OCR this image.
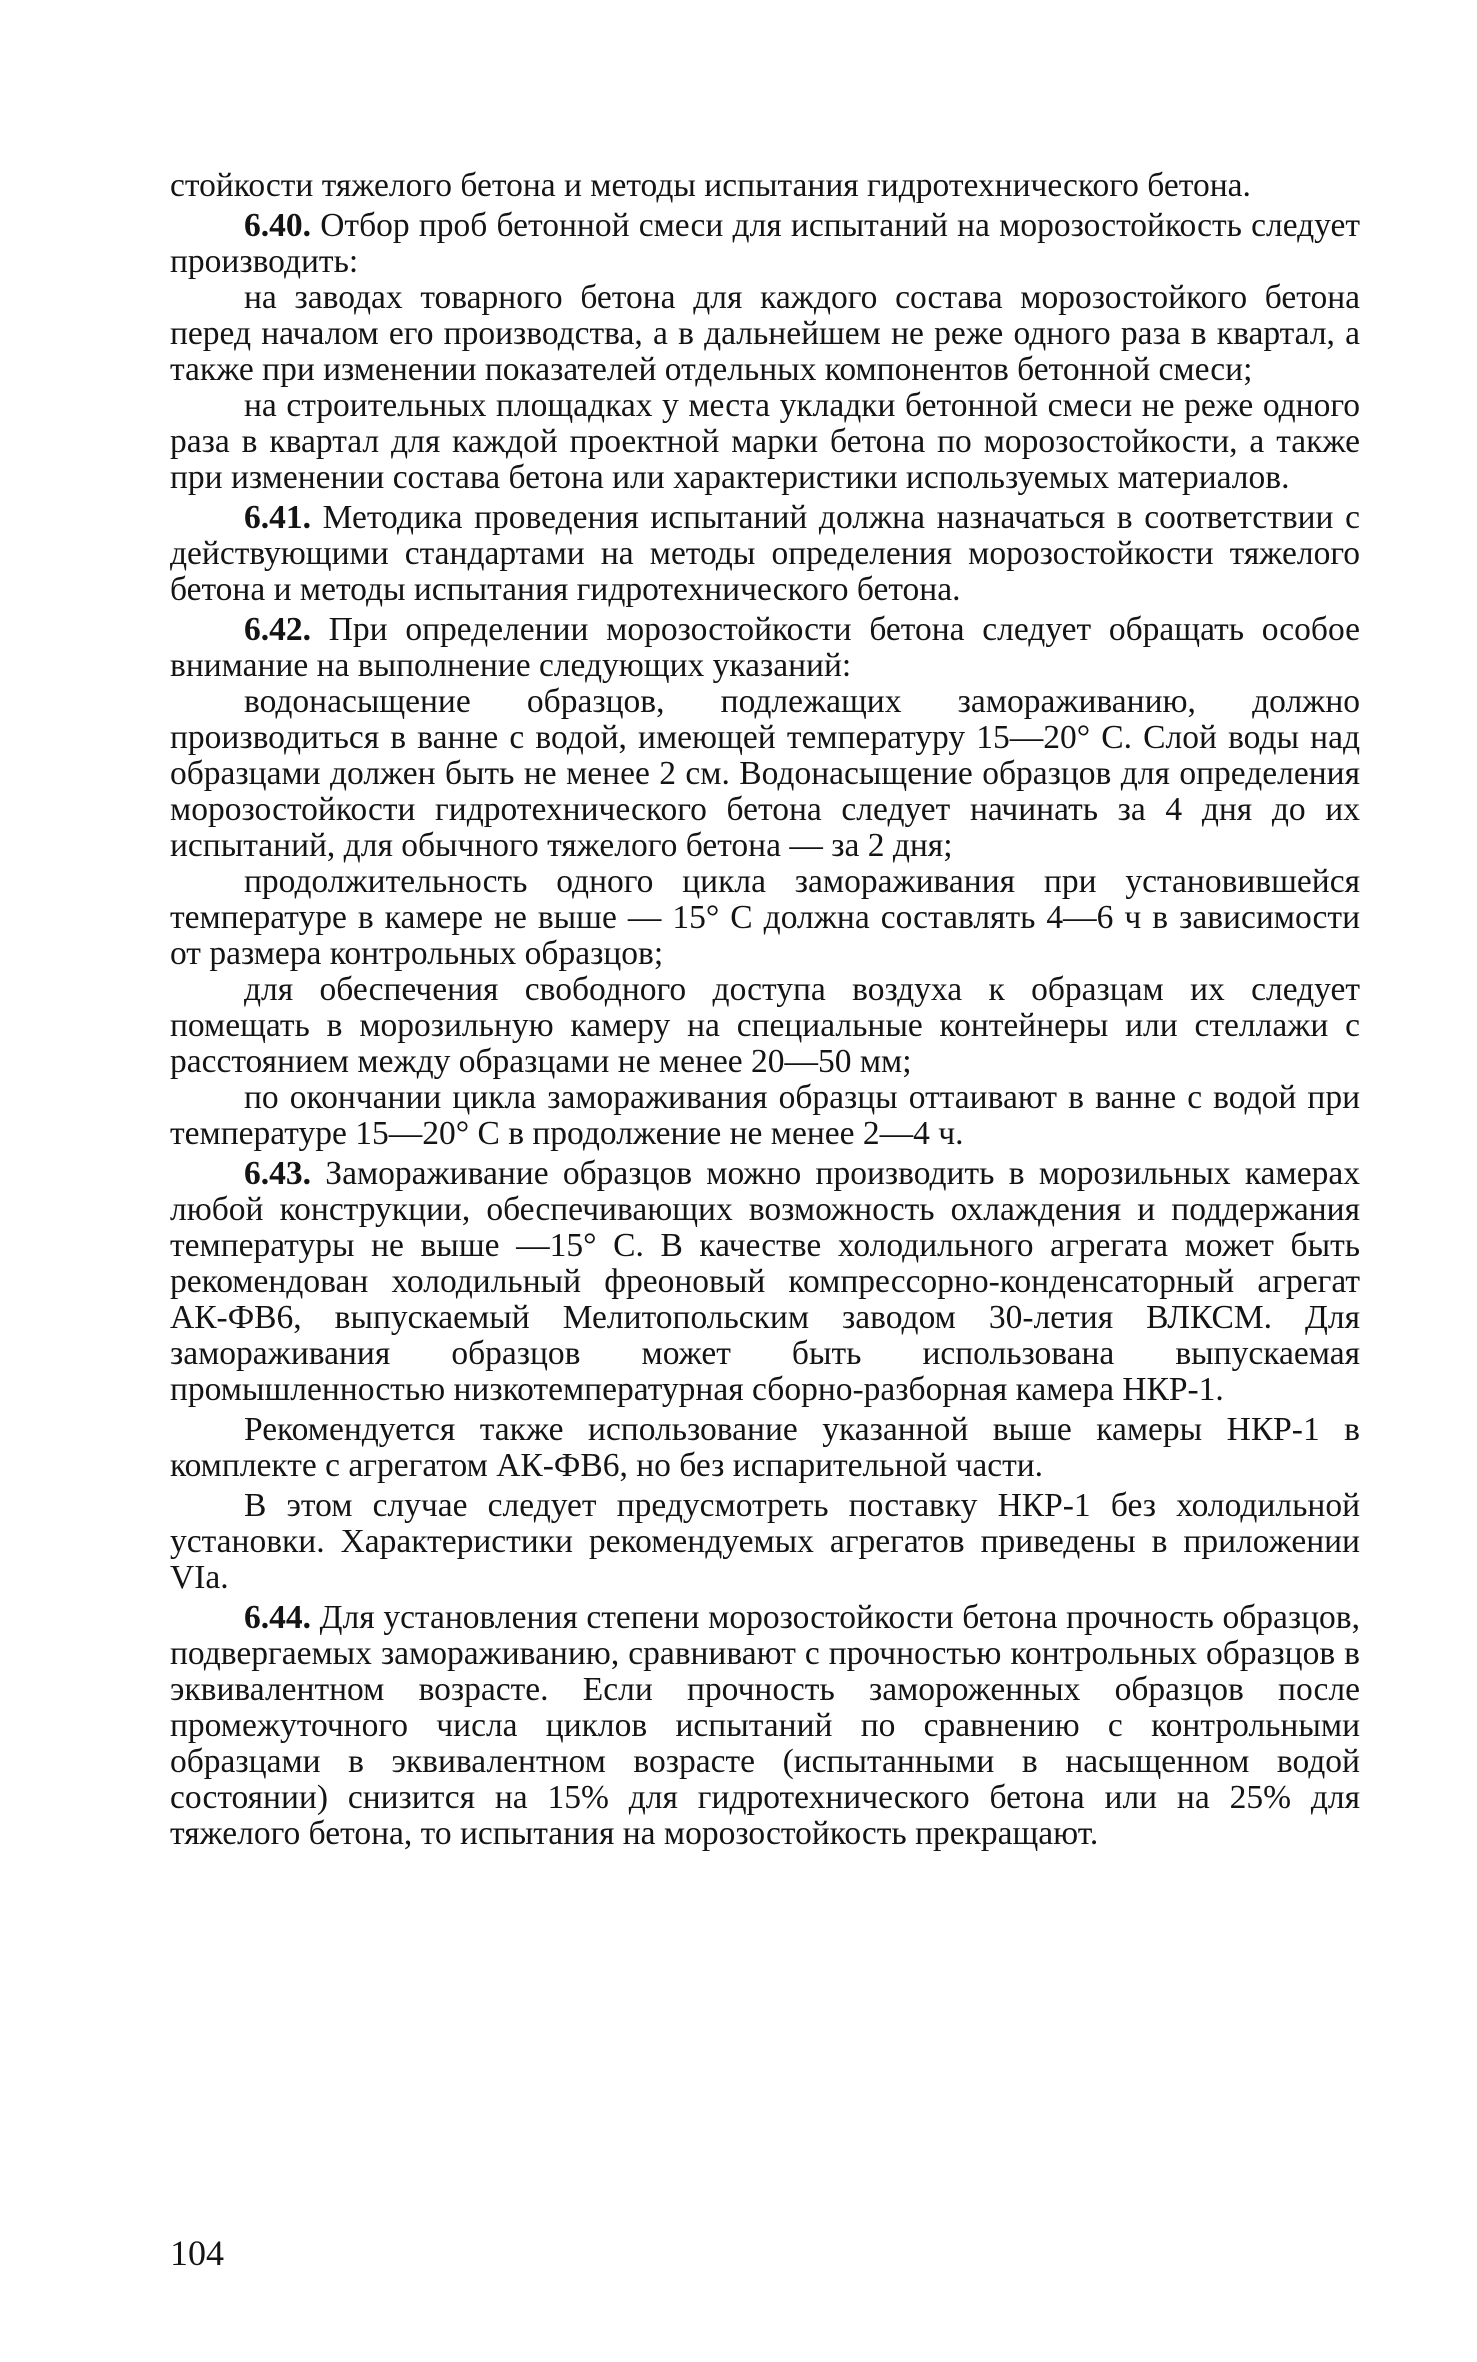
стойкости тяжелого бетона и методы испытания гидротехнического бетона.

6.40. Отбор проб бетонной смеси для испытаний на морозостойкость следует производить:

на заводах товарного бетона для каждого состава морозостойкого бетона перед началом его производства, а в дальнейшем не реже одного раза в квартал, а также при изменении показателей отдельных компонентов бетонной смеси;

на строительных площадках у места укладки бетонной смеси не реже одного раза в квартал для каждой проектной марки бетона по морозостойкости, а также при изменении состава бетона или характеристики используемых материалов.

6.41. Методика проведения испытаний должна назначаться в соответствии с действующими стандартами на методы определения морозостойкости тяжелого бетона и методы испытания гидротехнического бетона.

6.42. При определении морозостойкости бетона следует обращать особое внимание на выполнение следующих указаний:

водонасыщение образцов, подлежащих замораживанию, должно производиться в ванне с водой, имеющей температуру 15—20° С. Слой воды над образцами должен быть не менее 2 см. Водонасыщение образцов для определения морозостойкости гидротехнического бетона следует начинать за 4 дня до их испытаний, для обычного тяжелого бетона — за 2 дня;

продолжительность одного цикла замораживания при установившейся температуре в камере не выше — 15° С должна составлять 4—6 ч в зависимости от размера контрольных образцов;

для обеспечения свободного доступа воздуха к образцам их следует помещать в морозильную камеру на специальные контейнеры или стеллажи с расстоянием между образцами не менее 20—50 мм;

по окончании цикла замораживания образцы оттаивают в ванне с водой при температуре 15—20° С в продолжение не менее 2—4 ч.

6.43. Замораживание образцов можно производить в морозильных камерах любой конструкции, обеспечивающих возможность охлаждения и поддержания температуры не выше —15° С. В качестве холодильного агрегата может быть рекомендован холодильный фреоновый компрессорно-конденсаторный агрегат АК-ФВ6, выпускаемый Мелитопольским заводом 30-летия ВЛКСМ. Для замораживания образцов может быть использована выпускаемая промышленностью низкотемпературная сборно-разборная камера НКР-1.

Рекомендуется также использование указанной выше камеры НКР-1 в комплекте с агрегатом АК-ФВ6, но без испарительной части.

В этом случае следует предусмотреть поставку НКР-1 без холодильной установки. Характеристики рекомендуемых агрегатов приведены в приложении VIa.

6.44. Для установления степени морозостойкости бетона прочность образцов, подвергаемых замораживанию, сравнивают с прочностью контрольных образцов в эквивалентном возрасте. Если прочность замороженных образцов после промежуточного числа циклов испытаний по сравнению с контрольными образцами в эквивалентном возрасте (испытанными в насыщенном водой состоянии) снизится на 15% для гидротехнического бетона или на 25% для тяжелого бетона, то испытания на морозостойкость прекращают.

104
